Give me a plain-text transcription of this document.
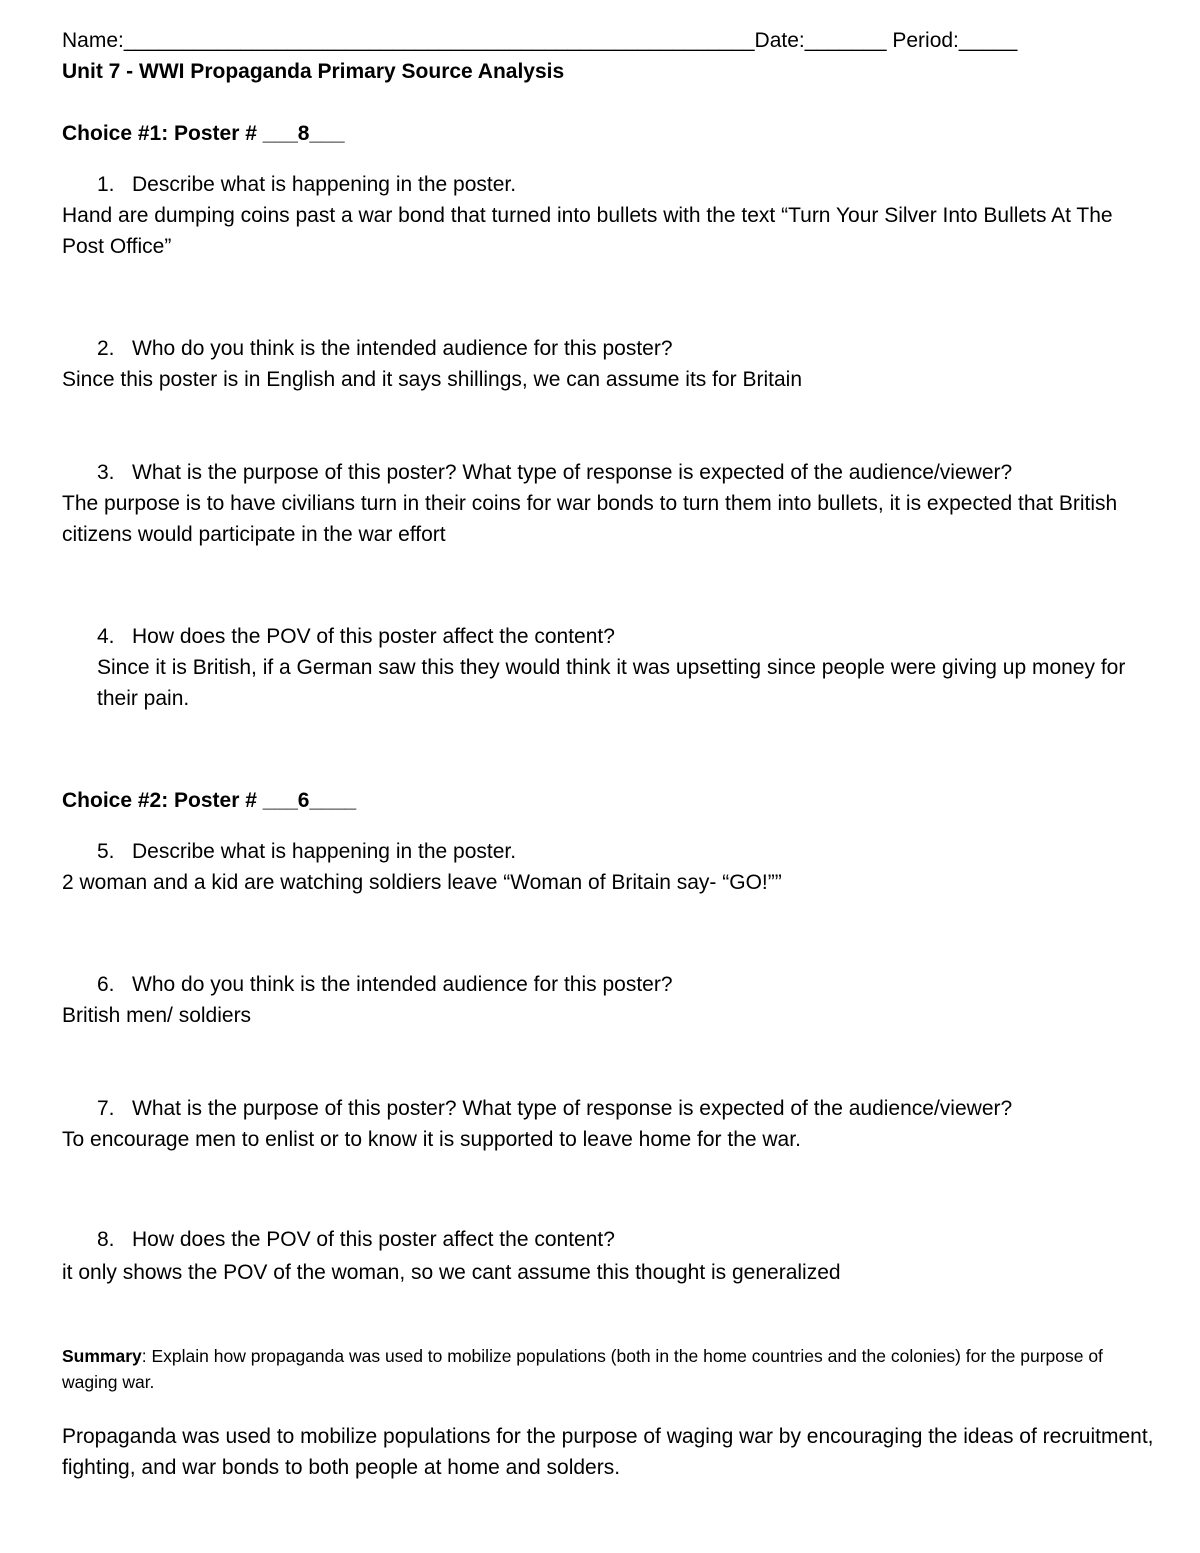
Name:______________________________________________________Date:_______ Period:_____
Unit 7 - WWI Propaganda Primary Source Analysis
Choice #1: Poster # ___8___
1. Describe what is happening in the poster.
Hand are dumping coins past a war bond that turned into bullets with the text “Turn Your Silver Into Bullets At The Post Office”
2. Who do you think is the intended audience for this poster?
Since this poster is in English and it says shillings, we can assume its for Britain
3. What is the purpose of this poster? What type of response is expected of the audience/viewer?
The purpose is to have civilians turn in their coins for war bonds to turn them into bullets, it is expected that British citizens would participate in the war effort
4. How does the POV of this poster affect the content?
Since it is British, if a German saw this they would think it was upsetting since people were giving up money for their pain.
Choice #2: Poster # ___6____
5. Describe what is happening in the poster.
2 woman and a kid are watching soldiers leave “Woman of Britain say- “GO!””
6. Who do you think is the intended audience for this poster?
British men/ soldiers
7. What is the purpose of this poster? What type of response is expected of the audience/viewer?
To encourage men to enlist or to know it is supported to leave home for the war.
8. How does the POV of this poster affect the content?
it only shows the POV of the woman, so we cant assume this thought is generalized
Summary: Explain how propaganda was used to mobilize populations (both in the home countries and the colonies) for the purpose of waging war.
Propaganda was used to mobilize populations for the purpose of waging war by encouraging the ideas of recruitment, fighting, and war bonds to both people at home and solders.
